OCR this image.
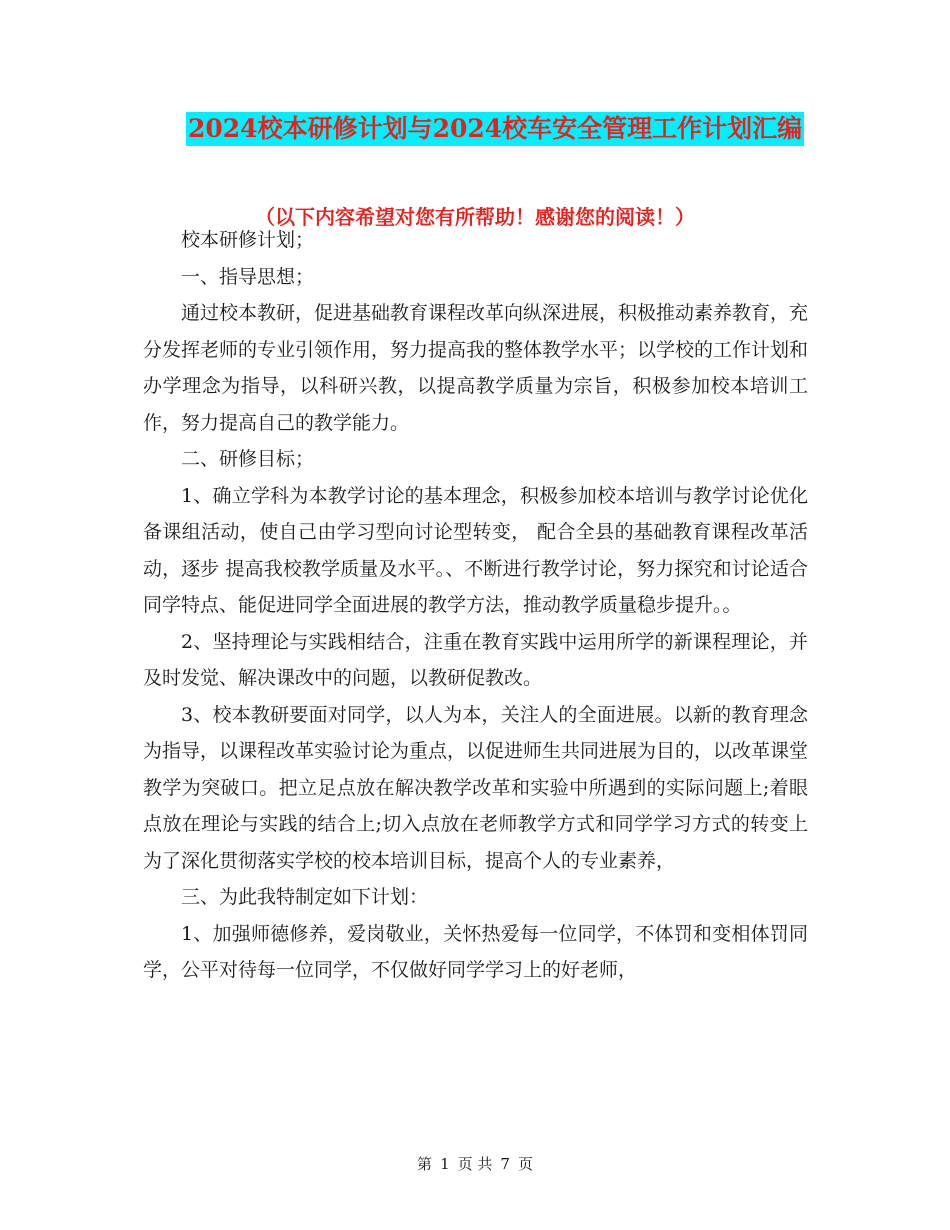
2024校本研修计划与2024校车安全管理工作计划汇编
（以下内容希望对您有所帮助！感谢您的阅读！）

校本研修计划；

一、指导思想；

通过校本教研，促进基础教育课程改革向纵深进展，积极推动素养教育，充分发挥老师的专业引领作用，努力提高我的整体教学水平；以学校的工作计划和办学理念为指导，以科研兴教，以提高教学质量为宗旨，积极参加校本培训工作，努力提高自己的教学能力。

二、研修目标；

1、确立学科为本教学讨论的基本理念，积极参加校本培训与教学讨论优化备课组活动，使自己由学习型向讨论型转变， 配合全县的基础教育课程改革活动，逐步 提高我校教学质量及水平。、不断进行教学讨论，努力探究和讨论适合同学特点、能促进同学全面进展的教学方法，推动教学质量稳步提升。。

2、坚持理论与实践相结合，注重在教育实践中运用所学的新课程理论，并及时发觉、解决课改中的问题，以教研促教改。

3、校本教研要面对同学，以人为本，关注人的全面进展。以新的教育理念为指导，以课程改革实验讨论为重点，以促进师生共同进展为目的，以改革课堂教学为突破口。把立足点放在解决教学改革和实验中所遇到的实际问题上;着眼点放在理论与实践的结合上;切入点放在老师教学方式和同学学习方式的转变上为了深化贯彻落实学校的校本培训目标，提高个人的专业素养，

三、为此我特制定如下计划：

1、加强师德修养，爱岗敬业，关怀热爱每一位同学，不体罚和变相体罚同学，公平对待每一位同学，不仅做好同学学习上的好老师，

第 1 页 共 7 页
